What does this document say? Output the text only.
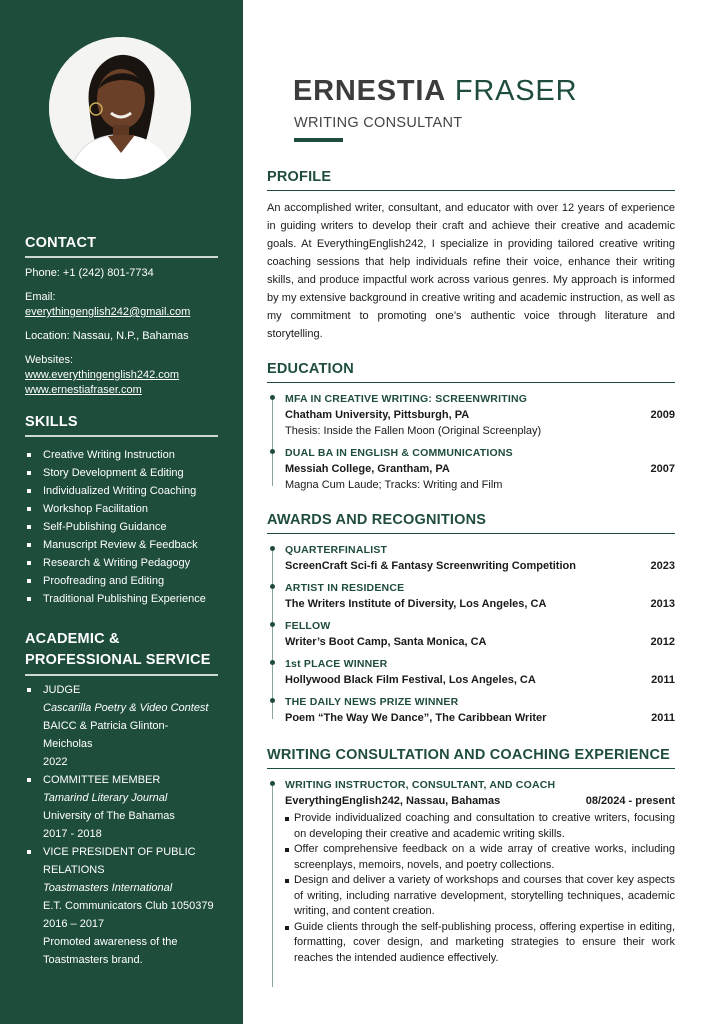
CONTACT
Phone: +1 (242) 801-7734
Email:
everythingenglish242@gmail.com
Location: Nassau, N.P., Bahamas
Websites:
www.everythingenglish242.com
www.ernestiafraser.com
SKILLS
Creative Writing Instruction
Story Development & Editing
Individualized Writing Coaching
Workshop Facilitation
Self-Publishing Guidance
Manuscript Review & Feedback
Research & Writing Pedagogy
Proofreading and Editing
Traditional Publishing Experience
ACADEMIC &
PROFESSIONAL SERVICE
JUDGE
Cascarilla Poetry & Video Contest
BAICC & Patricia Glinton-
Meicholas
2022
COMMITTEE MEMBER
Tamarind Literary Journal
University of The Bahamas
2017 - 2018
VICE PRESIDENT OF PUBLIC
RELATIONS
Toastmasters International
E.T. Communicators Club 1050379
2016 – 2017
Promoted awareness of the
Toastmasters brand.
ERNESTIA FRASER
WRITING CONSULTANT
PROFILE

An accomplished writer, consultant, and educator with over 12 years of experience in guiding writers to develop their craft and achieve their creative and academic goals. At EverythingEnglish242, I specialize in providing tailored creative writing coaching sessions that help individuals refine their voice, enhance their writing skills, and produce impactful work across various genres. My approach is informed by my extensive background in creative writing and academic instruction, as well as my commitment to promoting one’s authentic voice through literature and storytelling.

EDUCATION
MFA IN CREATIVE WRITING: SCREENWRITING
Chatham University, Pittsburgh, PA	2009
Thesis: Inside the Fallen Moon (Original Screenplay)
DUAL BA IN ENGLISH & COMMUNICATIONS
Messiah College, Grantham, PA	2007
Magna Cum Laude; Tracks: Writing and Film
AWARDS AND RECOGNITIONS
QUARTERFINALIST
ScreenCraft Sci-fi & Fantasy Screenwriting Competition	2023
ARTIST IN RESIDENCE
The Writers Institute of Diversity, Los Angeles, CA	2013
FELLOW
Writer’s Boot Camp, Santa Monica, CA	2012
1st PLACE WINNER
Hollywood Black Film Festival, Los Angeles, CA	2011
THE DAILY NEWS PRIZE WINNER
Poem “The Way We Dance”, The Caribbean Writer	2011
WRITING CONSULTATION AND COACHING EXPERIENCE
WRITING INSTRUCTOR, CONSULTANT, AND COACH
EverythingEnglish242, Nassau, Bahamas	08/2024 - present
Provide individualized coaching and consultation to creative writers, focusing on developing their creative and academic writing skills.
Offer comprehensive feedback on a wide array of creative works, including screenplays, memoirs, novels, and poetry collections.
Design and deliver a variety of workshops and courses that cover key aspects of writing, including narrative development, storytelling techniques, academic writing, and content creation.
Guide clients through the self-publishing process, offering expertise in editing, formatting, cover design, and marketing strategies to ensure their work reaches the intended audience effectively.
